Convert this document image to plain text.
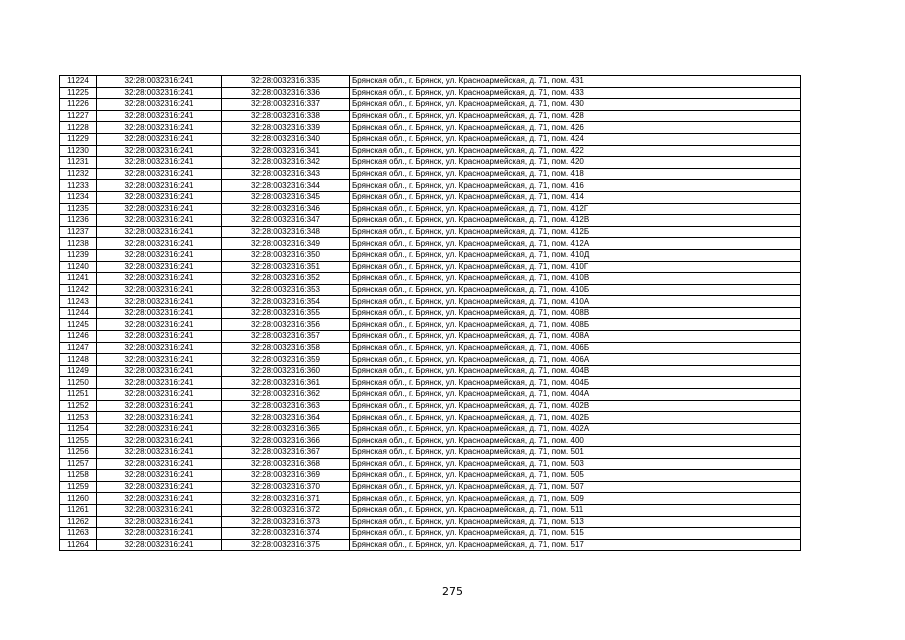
11224	32:28:0032316:241	32:28:0032316:335	Брянская обл., г. Брянск, ул. Красноармейская, д. 71, пом. 431
11225	32:28:0032316:241	32:28:0032316:336	Брянская обл., г. Брянск, ул. Красноармейская, д. 71, пом. 433
11226	32:28:0032316:241	32:28:0032316:337	Брянская обл., г. Брянск, ул. Красноармейская, д. 71, пом. 430
11227	32:28:0032316:241	32:28:0032316:338	Брянская обл., г. Брянск, ул. Красноармейская, д. 71, пом. 428
11228	32:28:0032316:241	32:28:0032316:339	Брянская обл., г. Брянск, ул. Красноармейская, д. 71, пом. 426
11229	32:28:0032316:241	32:28:0032316:340	Брянская обл., г. Брянск, ул. Красноармейская, д. 71, пом. 424
11230	32:28:0032316:241	32:28:0032316:341	Брянская обл., г. Брянск, ул. Красноармейская, д. 71, пом. 422
11231	32:28:0032316:241	32:28:0032316:342	Брянская обл., г. Брянск, ул. Красноармейская, д. 71, пом. 420
11232	32:28:0032316:241	32:28:0032316:343	Брянская обл., г. Брянск, ул. Красноармейская, д. 71, пом. 418
11233	32:28:0032316:241	32:28:0032316:344	Брянская обл., г. Брянск, ул. Красноармейская, д. 71, пом. 416
11234	32:28:0032316:241	32:28:0032316:345	Брянская обл., г. Брянск, ул. Красноармейская, д. 71, пом. 414
11235	32:28:0032316:241	32:28:0032316:346	Брянская обл., г. Брянск, ул. Красноармейская, д. 71, пом. 412Г
11236	32:28:0032316:241	32:28:0032316:347	Брянская обл., г. Брянск, ул. Красноармейская, д. 71, пом. 412В
11237	32:28:0032316:241	32:28:0032316:348	Брянская обл., г. Брянск, ул. Красноармейская, д. 71, пом. 412Б
11238	32:28:0032316:241	32:28:0032316:349	Брянская обл., г. Брянск, ул. Красноармейская, д. 71, пом. 412А
11239	32:28:0032316:241	32:28:0032316:350	Брянская обл., г. Брянск, ул. Красноармейская, д. 71, пом. 410Д
11240	32:28:0032316:241	32:28:0032316:351	Брянская обл., г. Брянск, ул. Красноармейская, д. 71, пом. 410Г
11241	32:28:0032316:241	32:28:0032316:352	Брянская обл., г. Брянск, ул. Красноармейская, д. 71, пом. 410В
11242	32:28:0032316:241	32:28:0032316:353	Брянская обл., г. Брянск, ул. Красноармейская, д. 71, пом. 410Б
11243	32:28:0032316:241	32:28:0032316:354	Брянская обл., г. Брянск, ул. Красноармейская, д. 71, пом. 410А
11244	32:28:0032316:241	32:28:0032316:355	Брянская обл., г. Брянск, ул. Красноармейская, д. 71, пом. 408В
11245	32:28:0032316:241	32:28:0032316:356	Брянская обл., г. Брянск, ул. Красноармейская, д. 71, пом. 408Б
11246	32:28:0032316:241	32:28:0032316:357	Брянская обл., г. Брянск, ул. Красноармейская, д. 71, пом. 408А
11247	32:28:0032316:241	32:28:0032316:358	Брянская обл., г. Брянск, ул. Красноармейская, д. 71, пом. 406Б
11248	32:28:0032316:241	32:28:0032316:359	Брянская обл., г. Брянск, ул. Красноармейская, д. 71, пом. 406А
11249	32:28:0032316:241	32:28:0032316:360	Брянская обл., г. Брянск, ул. Красноармейская, д. 71, пом. 404В
11250	32:28:0032316:241	32:28:0032316:361	Брянская обл., г. Брянск, ул. Красноармейская, д. 71, пом. 404Б
11251	32:28:0032316:241	32:28:0032316:362	Брянская обл., г. Брянск, ул. Красноармейская, д. 71, пом. 404А
11252	32:28:0032316:241	32:28:0032316:363	Брянская обл., г. Брянск, ул. Красноармейская, д. 71, пом. 402В
11253	32:28:0032316:241	32:28:0032316:364	Брянская обл., г. Брянск, ул. Красноармейская, д. 71, пом. 402Б
11254	32:28:0032316:241	32:28:0032316:365	Брянская обл., г. Брянск, ул. Красноармейская, д. 71, пом. 402А
11255	32:28:0032316:241	32:28:0032316:366	Брянская обл., г. Брянск, ул. Красноармейская, д. 71, пом. 400
11256	32:28:0032316:241	32:28:0032316:367	Брянская обл., г. Брянск, ул. Красноармейская, д. 71, пом. 501
11257	32:28:0032316:241	32:28:0032316:368	Брянская обл., г. Брянск, ул. Красноармейская, д. 71, пом. 503
11258	32:28:0032316:241	32:28:0032316:369	Брянская обл., г. Брянск, ул. Красноармейская, д. 71, пом. 505
11259	32:28:0032316:241	32:28:0032316:370	Брянская обл., г. Брянск, ул. Красноармейская, д. 71, пом. 507
11260	32:28:0032316:241	32:28:0032316:371	Брянская обл., г. Брянск, ул. Красноармейская, д. 71, пом. 509
11261	32:28:0032316:241	32:28:0032316:372	Брянская обл., г. Брянск, ул. Красноармейская, д. 71, пом. 511
11262	32:28:0032316:241	32:28:0032316:373	Брянская обл., г. Брянск, ул. Красноармейская, д. 71, пом. 513
11263	32:28:0032316:241	32:28:0032316:374	Брянская обл., г. Брянск, ул. Красноармейская, д. 71, пом. 515
11264	32:28:0032316:241	32:28:0032316:375	Брянская обл., г. Брянск, ул. Красноармейская, д. 71, пом. 517
275
